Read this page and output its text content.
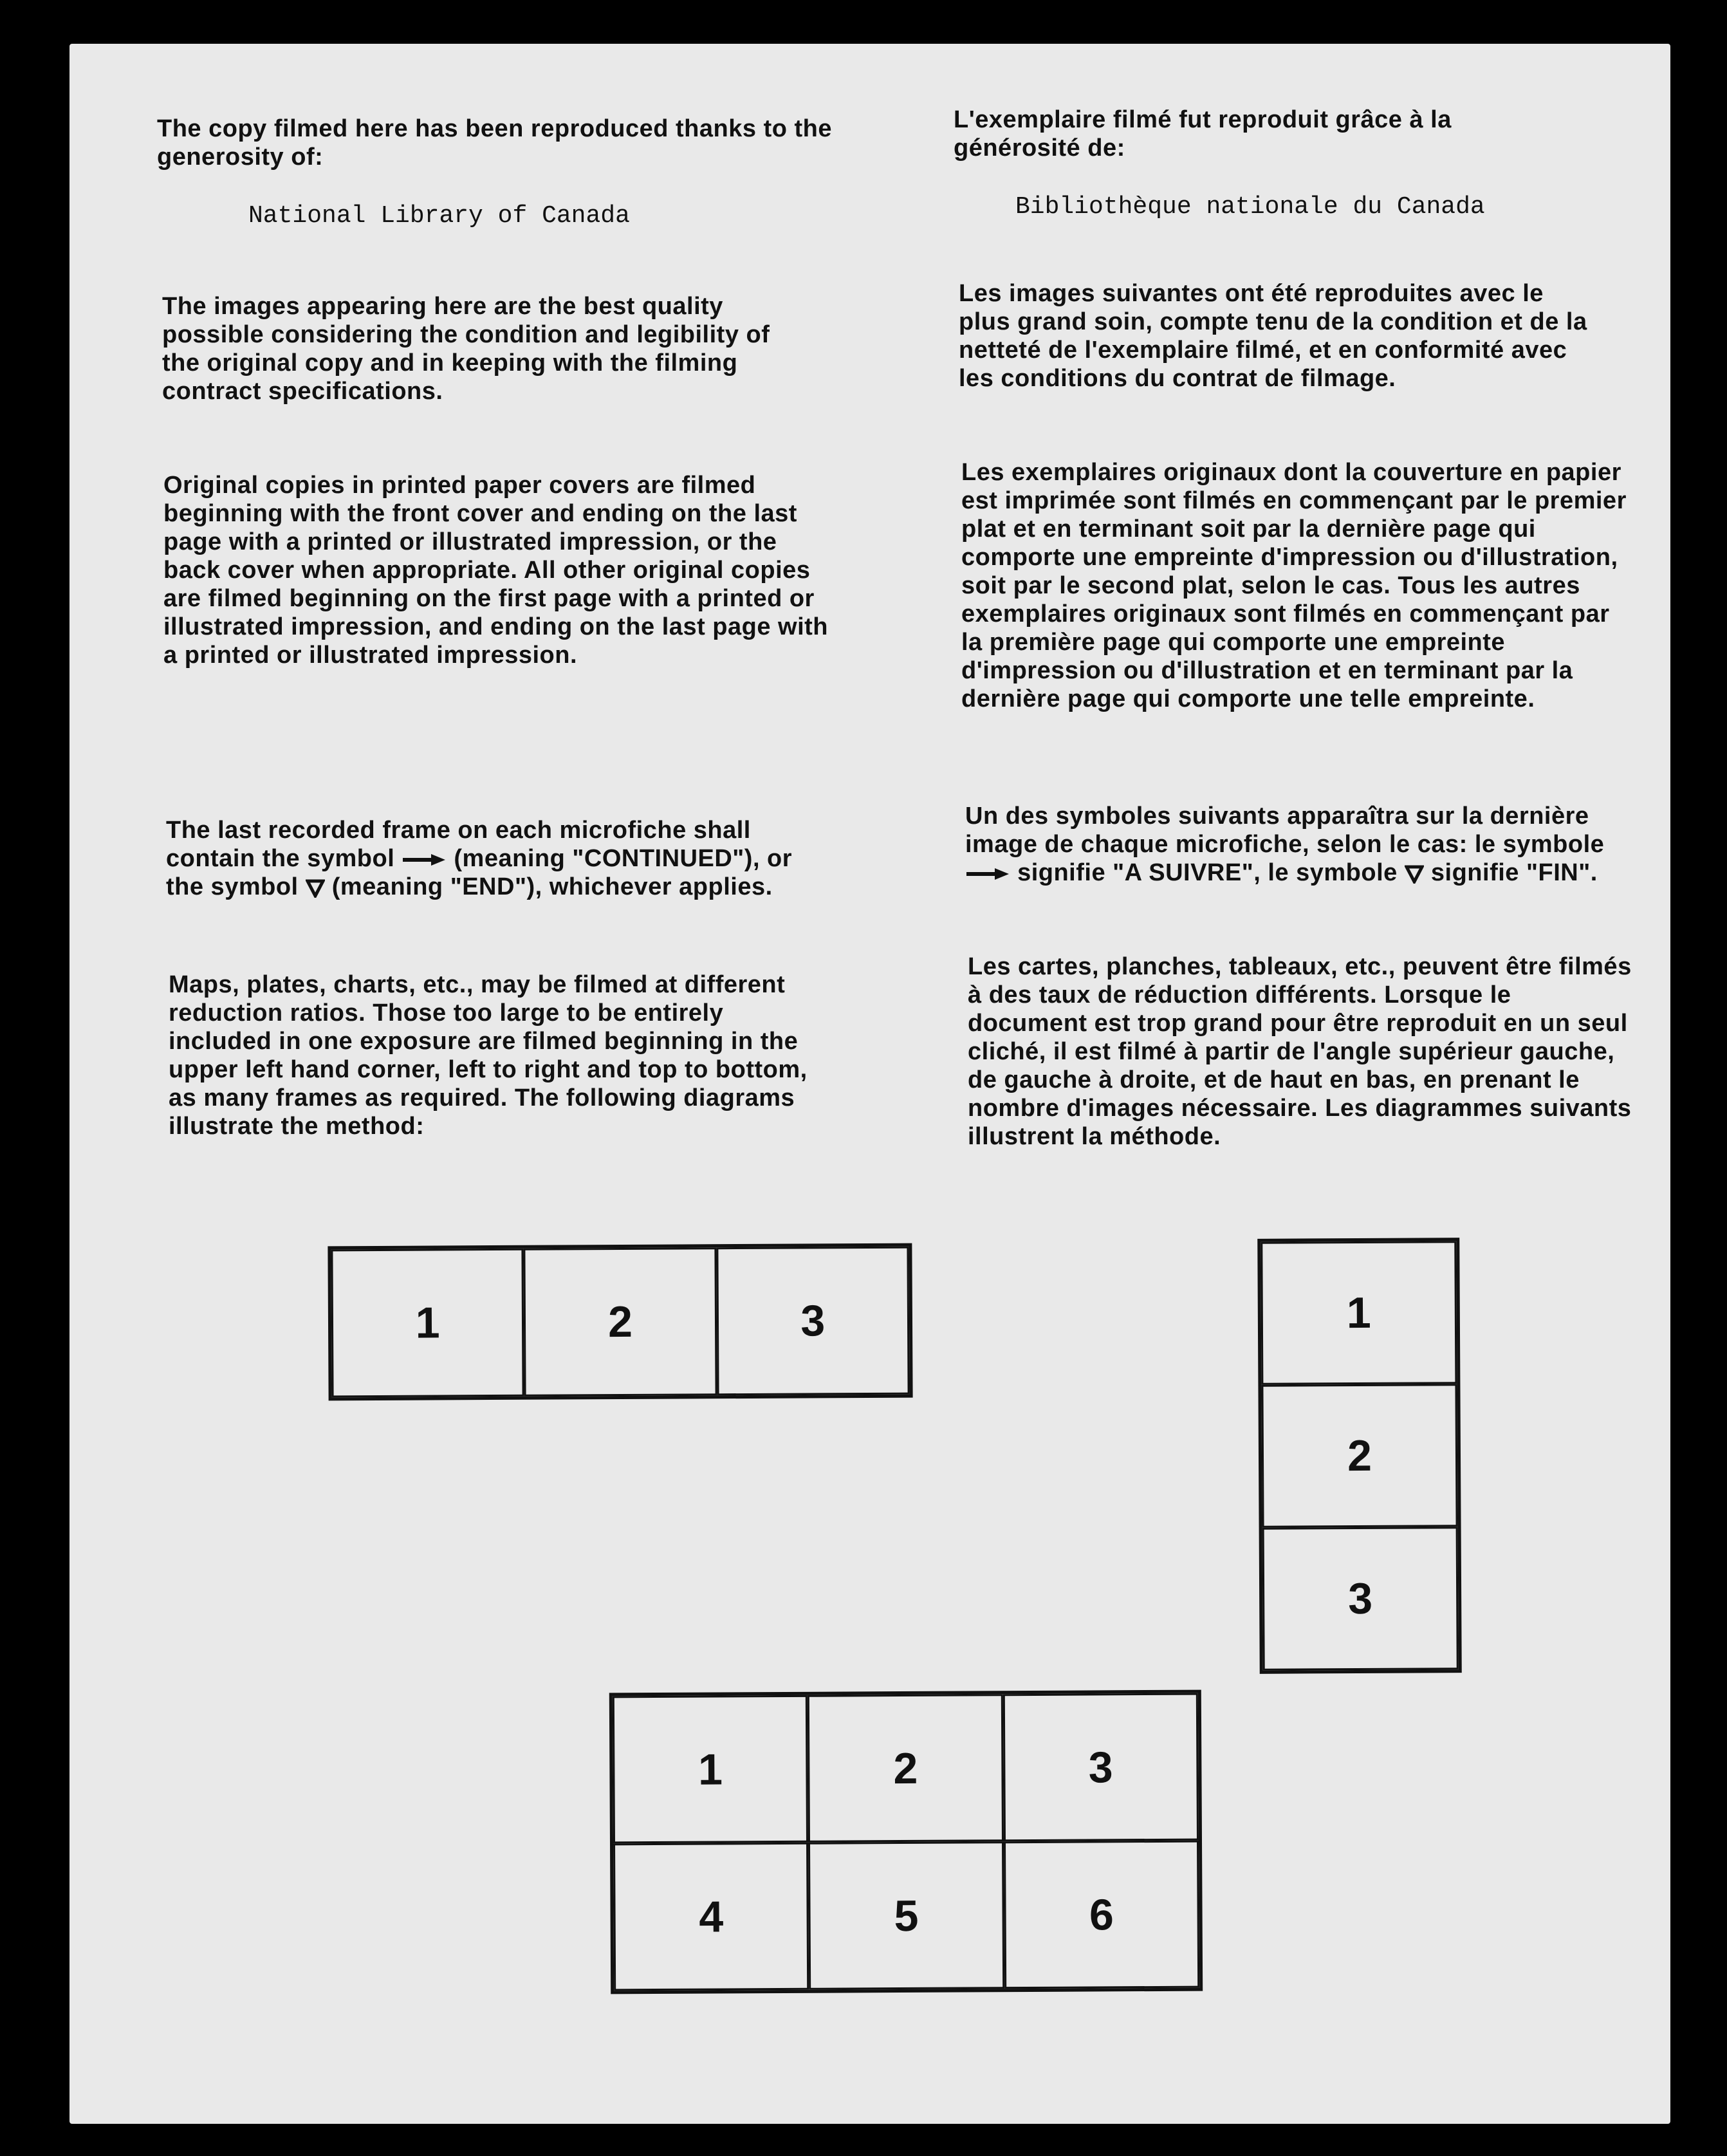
The copy filmed here has been reproduced thanks to the generosity of:

National Library of Canada

The images appearing here are the best quality possible considering the condition and legibility of the original copy and in keeping with the filming contract specifications.

Original copies in printed paper covers are filmed beginning with the front cover and ending on the last page with a printed or illustrated impression, or the back cover when appropriate. All other original copies are filmed beginning on the first page with a printed or illustrated impression, and ending on the last page with a printed or illustrated impression.

The last recorded frame on each microfiche shall contain the symbol (meaning "CONTINUED"), or the symbol (meaning "END"), whichever applies.

Maps, plates, charts, etc., may be filmed at different reduction ratios. Those too large to be entirely included in one exposure are filmed beginning in the upper left hand corner, left to right and top to bottom, as many frames as required. The following diagrams illustrate the method:

L'exemplaire filmé fut reproduit grâce à la générosité de:

Bibliothèque nationale du Canada

Les images suivantes ont été reproduites avec le plus grand soin, compte tenu de la condition et de la netteté de l'exemplaire filmé, et en conformité avec les conditions du contrat de filmage.

Les exemplaires originaux dont la couverture en papier est imprimée sont filmés en commençant par le premier plat et en terminant soit par la dernière page qui comporte une empreinte d'impression ou d'illustration, soit par le second plat, selon le cas. Tous les autres exemplaires originaux sont filmés en commençant par la première page qui comporte une empreinte d'impression ou d'illustration et en terminant par la dernière page qui comporte une telle empreinte.

Un des symboles suivants apparaîtra sur la dernière image de chaque microfiche, selon le cas: le symbole  signifie "A SUIVRE", le symbole signifie "FIN".

Les cartes, planches, tableaux, etc., peuvent être filmés à des taux de réduction différents. Lorsque le document est trop grand pour être reproduit en un seul cliché, il est filmé à partir de l'angle supérieur gauche, de gauche à droite, et de haut en bas, en prenant le nombre d'images nécessaire. Les diagrammes suivants illustrent la méthode.

1	2	3	1
2
3
1	2	3
4	5	6
